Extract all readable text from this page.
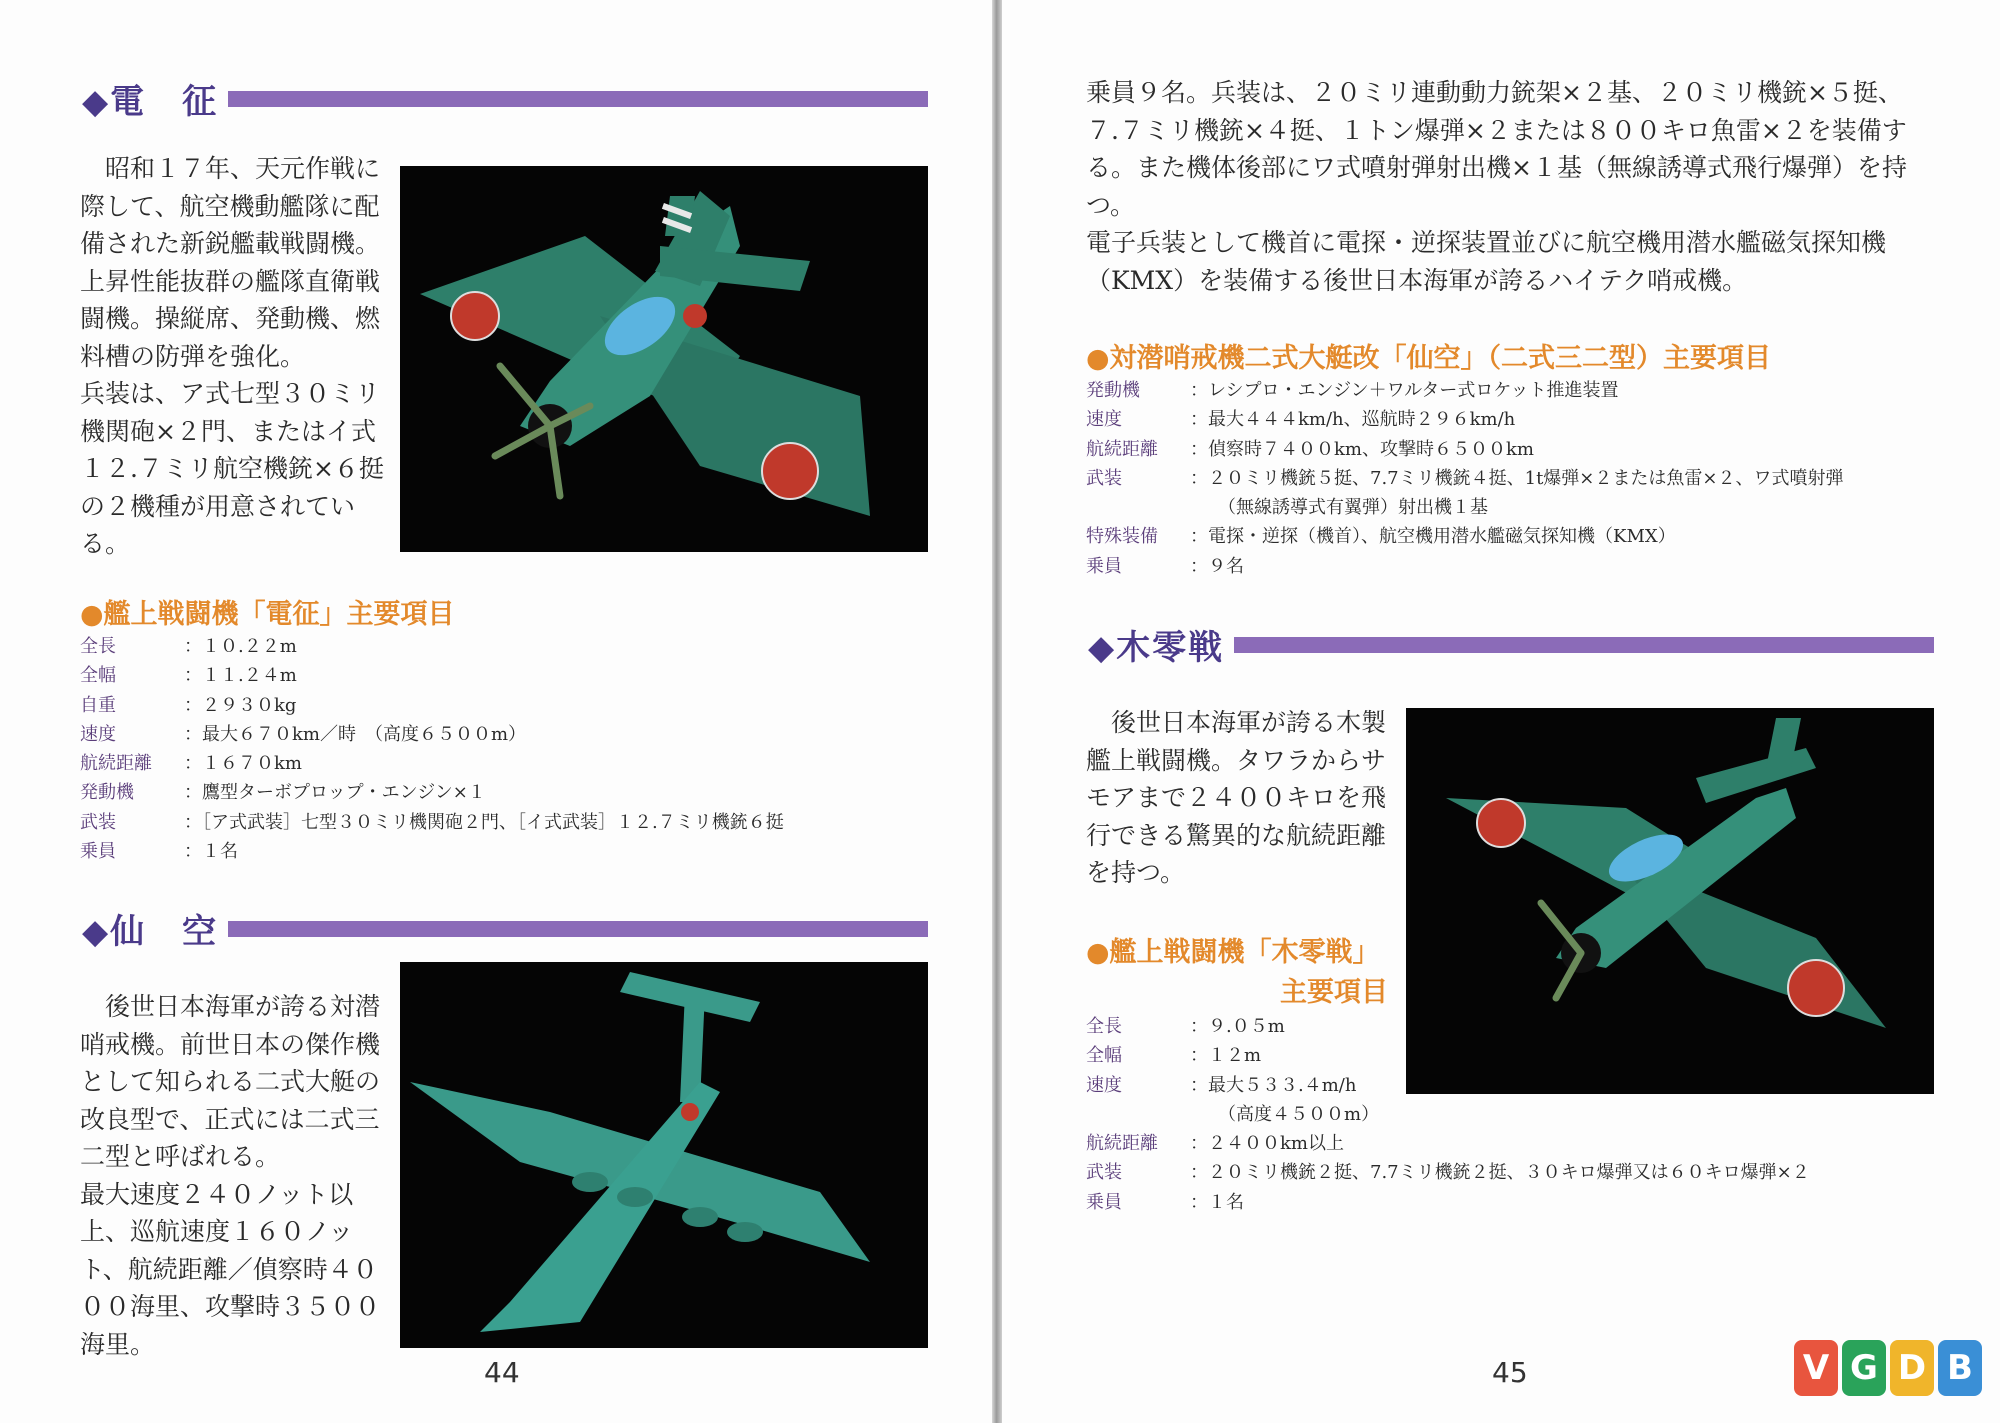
◆電　征

昭和１７年、天元作戦に際して、航空機動艦隊に配備された新鋭艦載戦闘機。

上昇性能抜群の艦隊直衛戦闘機。操縦席、発動機、燃料槽の防弾を強化。

兵装は、ア式七型３０ミリ機関砲×２門、またはイ式１２.７ミリ航空機銃×６挺の２機種が用意されている。

●艦上戦闘機「電征」主要項目
全長	：１０.２２m
全幅	：１１.２４m
自重	：２９３０kg
速度	：最大６７０km／時　（高度６５００m）
航続距離	：１６７０km
発動機	：鷹型ターボプロップ・エンジン×１
武装	：［ア式武装］七型３０ミリ機関砲２門、［イ式武装］１２.７ミリ機銃６挺
乗員	：１名
◆仙　空

後世日本海軍が誇る対潜哨戒機。前世日本の傑作機として知られる二式大艇の改良型で、正式には二式三二型と呼ばれる。

最大速度２４０ノット以上、巡航速度１６０ノット、航続距離／偵察時４０００海里、攻撃時３５００海里。

44

乗員９名。兵装は、２０ミリ連動動力銃架×２基、２０ミリ機銃×５挺、７.７ミリ機銃×４挺、１トン爆弾×２または８００キロ魚雷×２を装備する。また機体後部にワ式噴射弾射出機×１基（無線誘導式飛行爆弾）を持つ。

電子兵装として機首に電探・逆探装置並びに航空機用潜水艦磁気探知機（KMX）を装備する後世日本海軍が誇るハイテク哨戒機。

●対潜哨戒機二式大艇改「仙空」（二式三二型）主要項目
発動機	：レシプロ・エンジン＋ワルター式ロケット推進装置
速度	：最大４４４km/h、巡航時２９６km/h
航続距離	：偵察時７４００km、攻撃時６５００km
武装	：２０ミリ機銃５挺、7.7ミリ機銃４挺、1t爆弾×２または魚雷×２、ワ式噴射弾
（無線誘導式有翼弾）射出機１基
特殊装備	：電探・逆探（機首）、航空機用潜水艦磁気探知機（KMX）
乗員	：９名
◆木零戦

後世日本海軍が誇る木製艦上戦闘機。タワラからサモアまで２４００キロを飛行できる驚異的な航続距離を持つ。

●艦上戦闘機「木零戦」
主要項目
全長	：９.０５m
全幅	：１２m
速度	：最大５３３.４m/h
（高度４５００m）
航続距離	：２４００km以上
武装	：２０ミリ機銃２挺、7.7ミリ機銃２挺、３０キロ爆弾又は６０キロ爆弾×２
乗員	：１名
45	V G D B
